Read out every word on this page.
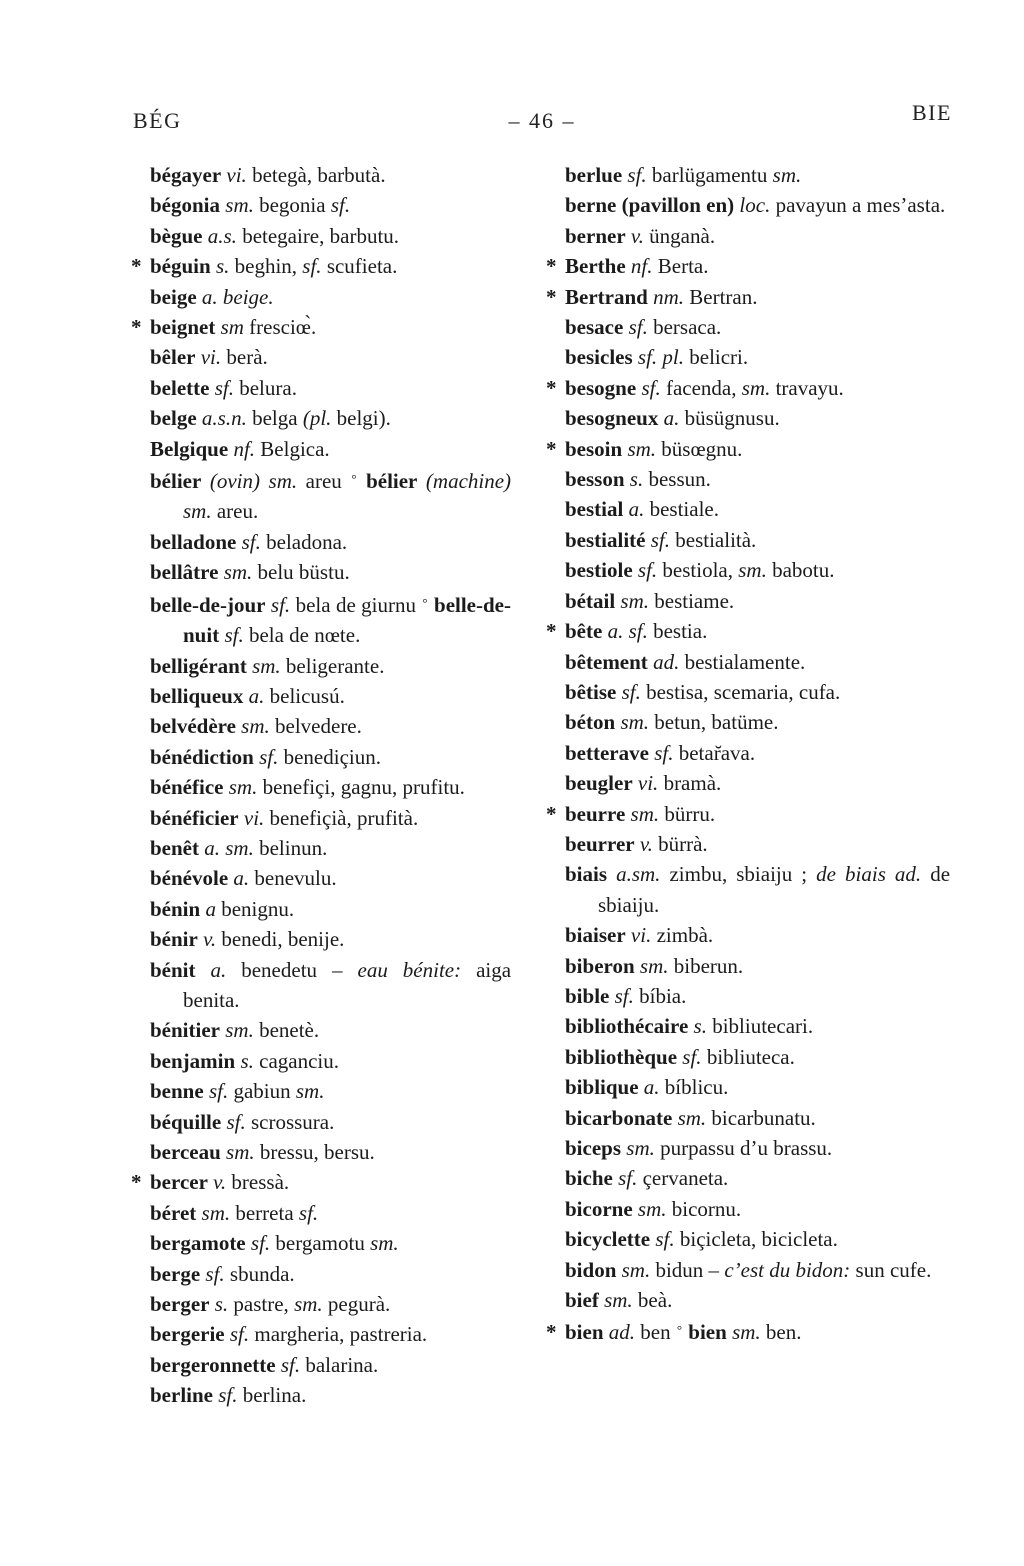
BÉG	– 46 –	BIE
bégayer vi. betegà, barbutà.
bégonia sm. begonia sf.
bègue a.s. betegaire, barbutu.
* béguin s. beghin, sf. scufieta.
beige a. beige.
* beignet sm fresciœ̀.
bêler vi. berà.
belette sf. belura.
belge a.s.n. belga (pl. belgi).
Belgique nf. Belgica.
bélier (ovin) sm. areu ° bélier (machine) sm. areu.
belladone sf. beladona.
bellâtre sm. belu büstu.
belle-de-jour sf. bela de giurnu ° belle-de-nuit sf. bela de nœte.
belligérant sm. beligerante.
belliqueux a. belicusú.
belvédère sm. belvedere.
bénédiction sf. benediçiun.
bénéfice sm. benefiçi, gagnu, prufitu.
bénéficier vi. benefiçià, prufità.
benêt a. sm. belinun.
bénévole a. benevulu.
bénin a benignu.
bénir v. benedi, benije.
bénit a. benedetu – eau bénite: aiga benita.
bénitier sm. benetè.
benjamin s. caganciu.
benne sf. gabiun sm.
béquille sf. scrossura.
berceau sm. bressu, bersu.
* bercer v. bressà.
béret sm. berreta sf.
bergamote sf. bergamotu sm.
berge sf. sbunda.
berger s. pastre, sm. pegurà.
bergerie sf. margheria, pastreria.
bergeronnette sf. balarina.
berline sf. berlina.
berlue sf. barlügamentu sm.
berne (pavillon en) loc. pavayun a mes’asta.
berner v. ünganà.
* Berthe nf. Berta.
* Bertrand nm. Bertran.
besace sf. bersaca.
besicles sf. pl. belicri.
* besogne sf. facenda, sm. travayu.
besogneux a. büsügnusu.
* besoin sm. büsœgnu.
besson s. bessun.
bestial a. bestiale.
bestialité sf. bestialità.
bestiole sf. bestiola, sm. babotu.
bétail sm. bestiame.
* bête a. sf. bestia.
bêtement ad. bestialamente.
bêtise sf. bestisa, scemaria, cufa.
béton sm. betun, batüme.
betterave sf. betar̆ava.
beugler vi. bramà.
* beurre sm. bürru.
beurrer v. bürrà.
biais a.sm. zimbu, sbiaiju ; de biais ad. de sbiaiju.
biaiser vi. zimbà.
biberon sm. biberun.
bible sf. bíbia.
bibliothécaire s. bibliutecari.
bibliothèque sf. bibliuteca.
biblique a. bíblicu.
bicarbonate sm. bicarbunatu.
biceps sm. purpassu d’u brassu.
biche sf. çervaneta.
bicorne sm. bicornu.
bicyclette sf. biçicleta, bicicleta.
bidon sm. bidun – c’est du bidon: sun cufe.
bief sm. beà.
* bien ad. ben ° bien sm. ben.
